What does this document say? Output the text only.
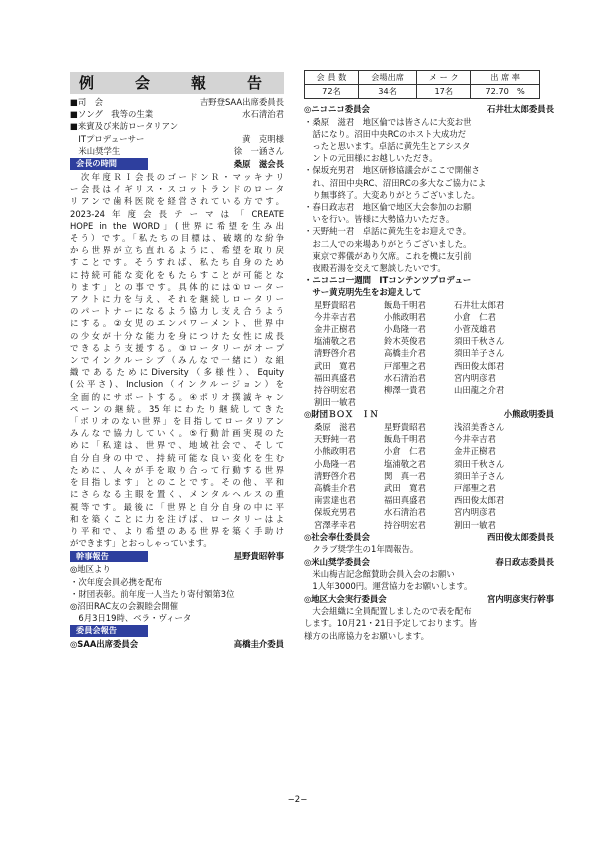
例　会　報　告
■司　会	吉野登SAA出席委員長
■ソング　我等の生業	水石清治君
■来賓及び来訪ロータリアン
　ITプロデューサー	黄　克明様
　米山奨学生	徐　一涵さん
会長の時間	桑原　滋会長
　次年度ＲＩ会長のゴードンＲ・マッキナリ
ー会長はイギリス・スコットランドのロータ
リアンで歯科医院を経営されている方です。
2023-24年度会長テーマは「CREATE
HOPE in the WORD」(世界に希望を生み出
そう）です。「私たちの目標は、破壊的な紛争
から世界が立ち直れるように、希望を取り戻
すことです。そうすれば、私たち自身のため
に持続可能な変化をもたらすことが可能とな
ります」との事です。具体的には①ローター
アクトに力を与え、それを継続しロータリー
のパートナーになるよう協力し支え合うよう
にする。②女児のエンパワーメント、世界中
の少女が十分な能力を身につけた女性に成長
できるよう支援する。③ロータリーがオープ
ンでインクルーシブ（みんなで一緒に）な組
織であるためにDiversity（多様性）、Equity
(公平さ)、Inclusion（インクルージョン）を
全面的にサポートする。④ポリオ撲滅キャン
ペーンの継続。35年にわたり継続してきた
「ポリオのない世界」を目指してロータリアン
みんなで協力していく。⑤行動計画実現のた
めに「私達は、世界で、地域社会で、そして
自分自身の中で、持続可能な良い変化を生む
ために、人々が手を取り合って行動する世界
を目指します」とのことです。その他、平和
にさらなる主眼を置く、メンタルヘルスの重
視等です。最後に「世界と自分自身の中に平
和を築くことに力を注げば、ロータリーはよ
り平和で、より希望のある世界を築く手助け
ができます」とおっしゃっています。
幹事報告	星野貴昭幹事
◎地区より
・次年度会員必携を配布
・財団表彰。前年度一人当たり寄付額第3位
◎沼田RAC友の会親睦会開催
　6月3日19時、ベラ・ヴィータ
委員会報告
◎SAA出席委員会	高橋圭介委員
会 員 数	会場出席	メ ー ク	出 席 率
72名	34名	17名	72.70　%
◎ニコニコ委員会	石井壮太郎委員長
・桑原　滋君　地区倫では皆さんに大変お世
　話になり。沼田中央RCのホスト大成功だ
　ったと思います。卓話に黄先生とアシスタ
　ントの元田様にお越しいただき。
・保坂充男君　地区研修協議会がここで開催さ
　れ、沼田中央RC、沼田RCの多大なご協力によ
　り無事終了。大変ありがとうございました。
・春日政志君　地区倫で地区大会参加のお願
　いを行い。皆様に大勢協力いただき。
・天野純一君　卓話に黄先生をお迎えでき。
　お二人での来場ありがとうございました。
　東京で葬儀があり欠席。これを機に友引前
　夜殿若湯を交えて懇談したいです。
・ニコニコ一週間　ITコンテンツプロデュー
　サー黄克明先生をお迎えして
星野貴昭君	飯島千明君	石井壮太郎君
今井幸吉君	小熊政明君	小倉　仁君
金井正樹君	小島隆一君	小菅茂雄君
塩浦敬之君	鈴木英俊君	須田千秋さん
清野啓介君	高橋圭介君	須田羊子さん
武田　寛君	戸部聖之君	西田俊太郎君
福田真盛君	水石清治君	宮内明彦君
持谷明宏君	柳澤一貴君	山田龍之介君
割田一敏君
◎財団ＢＯＸ　ＩＮ	小熊政明委員
桑原　滋君	星野貴昭君	浅沼美香さん
天野純一君	飯島千明君	今井幸吉君
小熊政明君	小倉　仁君	金井正樹君
小島隆一君	塩浦敬之君	須田千秋さん
清野啓介君	関　真一君	須田羊子さん
高橋圭介君	武田　寛君	戸部聖之君
南雲達也君	福田真盛君	西田俊太郎君
保坂充男君	水石清治君	宮内明彦君
宮澤孝幸君	持谷明宏君	割田一敏君
◎社会奉仕委員会	西田俊太郎委員長
　クラブ奨学生の1年間報告。
◎米山奨学委員会	春日政志委員長
　米山梅吉記念館賛助会員入会のお願い
　1人年3000円。運営協力をお願いします。
◎地区大会実行委員会	宮内明彦実行幹事
　大会組織に全員配置しましたので表を配布
します。10月21・21日予定しております。皆
様方の出席協力をお願いします。
−2−
